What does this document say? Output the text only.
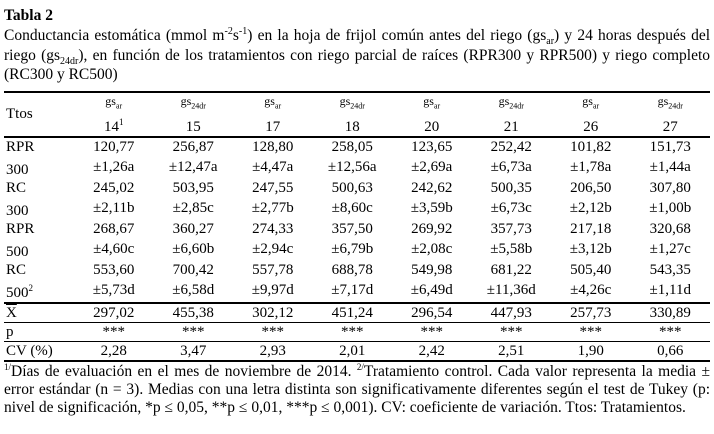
Tabla 2
Conductancia estomática (mmol $m^{-2}s^{-1}$) en la hoja de frijol común antes del riego $(gs_{ar})$ y 24 horas después del riego $(gs_{24dr})$, en función de los tratamientos con riego parcial de raíces (RPR300 y RPR500) y riego completo (RC300 y RC500)
Ttos	$gs_{ar}$	$gs_{24dr}$	$gs_{ar}$	$gs_{24dr}$	$gs_{ar}$	$gs_{24dr}$	$gs_{ar}$	$gs_{24dr}$
	$14^1$	15	17	18	20	21	26	27
RPR	120,77	256,87	128,80	258,05	123,65	252,42	101,82	151,73
300	±1,26a	±12,47a	±4,47a	±12,56a	±2,69a	±6,73a	±1,78a	±1,44a
RC	245,02	503,95	247,55	500,63	242,62	500,35	206,50	307,80
300	±2,11b	±2,85c	±2,77b	±8,60c	±3,59b	±6,73c	±2,12b	±1,00b
RPR	268,67	360,27	274,33	357,50	269,92	357,73	217,18	320,68
500	±4,60c	±6,60b	±2,94c	±6,79b	±2,08c	±5,58b	±3,12b	±1,27c
RC	553,60	700,42	557,78	688,78	549,98	681,22	505,40	543,35
$500^2$	±5,73d	±6,58d	±9,97d	±7,17d	±6,49d	±11,36d	±4,26c	±1,11d
$\overline{X}$	297,02	455,38	302,12	451,24	296,54	447,93	257,73	330,89
p	***	***	***	***	***	***	***	***
CV (%)	2,28	3,47	2,93	2,01	2,42	2,51	1,90	0,66
$^{1/}$Días de evaluación en el mes de noviembre de 2014. $^{2/}$Tratamiento control. Cada valor representa la media ± error estándar (n = 3). Medias con una letra distinta son significativamente diferentes según el test de Tukey (p: nivel de significación, *p ≤ 0,05, **p ≤ 0,01, ***p ≤ 0,001). CV: coeficiente de variación. Ttos: Tratamientos.
